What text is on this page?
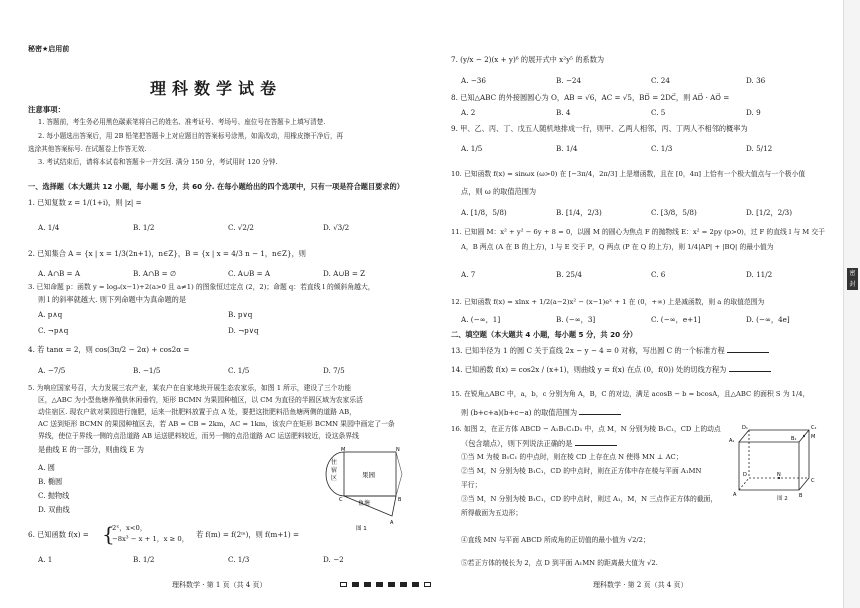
秘密★启用前
理科数学试卷
注意事项：
1. 答题前，考生务必用黑色碳素笔将自己的姓名、准考证号、考场号、座位号在答题卡上填写清楚.
2. 每小题选出答案后，用 2B 铅笔把答题卡上对应题目的答案标号涂黑，如需改动，用橡皮擦干净后，再
选涂其他答案标号. 在试题卷上作答无效.
3. 考试结束后，请将本试卷和答题卡一并交回. 满分 150 分，考试用时 120 分钟.
一、选择题（本大题共 12 小题，每小题 5 分，共 60 分. 在每小题给出的四个选项中，只有一项是符合题目要求的）
1. 已知复数 z = 1/(1+i)，则 |z| =
A. 1/4	B. 1/2	C. √2/2	D. √3/2
2. 已知集合 A = {x | x = 1/3(2n+1)，n∈Z}，B = {x | x = 4/3 n − 1，n∈Z}，则
A. A∩B = A	B. A∩B = ∅	C. A∪B = A	D. A∪B = Z
3. 已知命题 p：函数 y = logₐ(x−1)+2(a>0 且 a≠1) 的图象恒过定点 (2，2)；命题 q：若直线 l 的倾斜角越大，
则 l 的斜率就越大. 则下列命题中为真命题的是
A. p∧q	B. p∨q
C. ¬p∧q	D. ¬p∨q
4. 若 tanα = 2，则 cos(3π/2 − 2α) + cos2α =
A. −7/5	B. −1/5	C. 1/5	D. 7/5
5. 为响应国家号召，大力发展三农产业，某农户在自家地块开展生态农家乐，如图 1 所示，建设了三个功能
区，△ABC 为小型鱼塘养殖供休闲垂钓，矩形 BCMN 为果园种植区，以 CM 为直径的半圆区域为农家乐活
动住宿区. 现农户欲对果园进行施肥，运来一批肥料放置于点 A 处，要把这批肥料沿鱼塘两侧的道路 AB，
AC 送到矩形 BCMN 的果园种植区去，若 AB = CB = 2km，AC = 1km，该农户在矩形 BCMN 果园中画定了一条
界线，使位于界线一侧的点沿道路 AB 运送肥料较近，而另一侧的点沿道路 AC 运送肥料较近，设这条界线
是曲线 E 的一部分，则曲线 E 为
A. 圆
B. 椭圆
C. 抛物线
D. 双曲线
住
宿
区	果园
鱼塘
M	N
C	B
A
图 1
6. 已知函数 f(x) = {
2ˣ，x<0，
−8x³ − x + 1，x ≥ 0， 若 f(m) = f(2ᵐ)，则 f(m+1) =
A. 1	B. 1/2	C. 1/3	D. −2
理科数学 · 第 1 页（共 4 页）
7. (y/x − 2)(x + y)⁶ 的展开式中 x²y⁵ 的系数为
A. −36	B. −24	C. 24	D. 36
8. 已知△ABC 的外接圆圆心为 O，AB = √6，AC = √5，BD⃗ = 2DC⃗，则 AD⃗ · AO⃗ =
A. 2	B. 4	C. 5	D. 9
9. 甲、乙、丙、丁、戊五人随机地排成一行，则甲、乙两人相邻，丙、丁两人不相邻的概率为
A. 1/5	B. 1/4	C. 1/3	D. 5/12
10. 已知函数 f(x) = sinωx (ω>0) 在 [−3π/4，2π/3] 上是增函数，且在 [0，4π] 上恰有一个极大值点与一个极小值
点，则 ω 的取值范围为
A. [1/8，5/8)	B. [1/4，2/3)	C. [3/8，5/8)	D. [1/2，2/3)
11. 已知圆 M：x² + y² − 6y + 8 = 0，以圆 M 的圆心为焦点 F 的抛物线 E：x² = 2py (p>0)，过 F 的直线 l 与 M 交于
A，B 两点 (A 在 B 的上方)，l 与 E 交于 P，Q 两点 (P 在 Q 的上方)，则 1/4|AP| + |BQ| 的最小值为
A. 7	B. 25/4	C. 6	D. 11/2
12. 已知函数 f(x) = xlnx + 1/2(a−2)x² − (x−1)eˣ + 1 在 (0，+∞) 上是减函数，则 a 的取值范围为
A. (−∞，1]	B. (−∞，3]	C. (−∞，e+1]	D. (−∞，4e]
二、填空题（本大题共 4 小题，每小题 5 分，共 20 分）
13. 已知半径为 1 的圆 C 关于直线 2x − y − 4 = 0 对称，写出圆 C 的一个标准方程
14. 已知函数 f(x) = cos2x / (x+1)，则曲线 y = f(x) 在点 (0，f(0)) 处的切线方程为
15. 在锐角△ABC 中，a，b，c 分别为角 A，B，C 的对边，满足 acosB − b = bcosA，且△ABC 的面积 S 为 1/4，
则 (b+c+a)(b+c−a) 的取值范围为
16. 如图 2，在正方体 ABCD − A₁B₁C₁D₁ 中，点 M，N 分别为棱 B₁C₁，CD 上的动点
（包含端点），则下列说法正确的是
①当 M 为棱 B₁C₁ 的中点时，则在棱 CD 上存在点 N 使得 MN ⊥ AC；
②当 M，N 分别为棱 B₁C₁，CD 的中点时，则在正方体中存在棱与平面 A₁MN
平行；
③当 M，N 分别为棱 B₁C₁，CD 的中点时，则过 A₁，M，N 三点作正方体的截面，
所得截面为五边形；
④直线 MN 与平面 ABCD 所成角的正切值的最小值为 √2/2；
⑤若正方体的棱长为 2，点 D 到平面 A₁MN 的距离最大值为 √2.
D₁	C₁
A₁	B₁	M
D	N
C
A	B
图 2
理科数学 · 第 2 页（共 4 页）
密封
